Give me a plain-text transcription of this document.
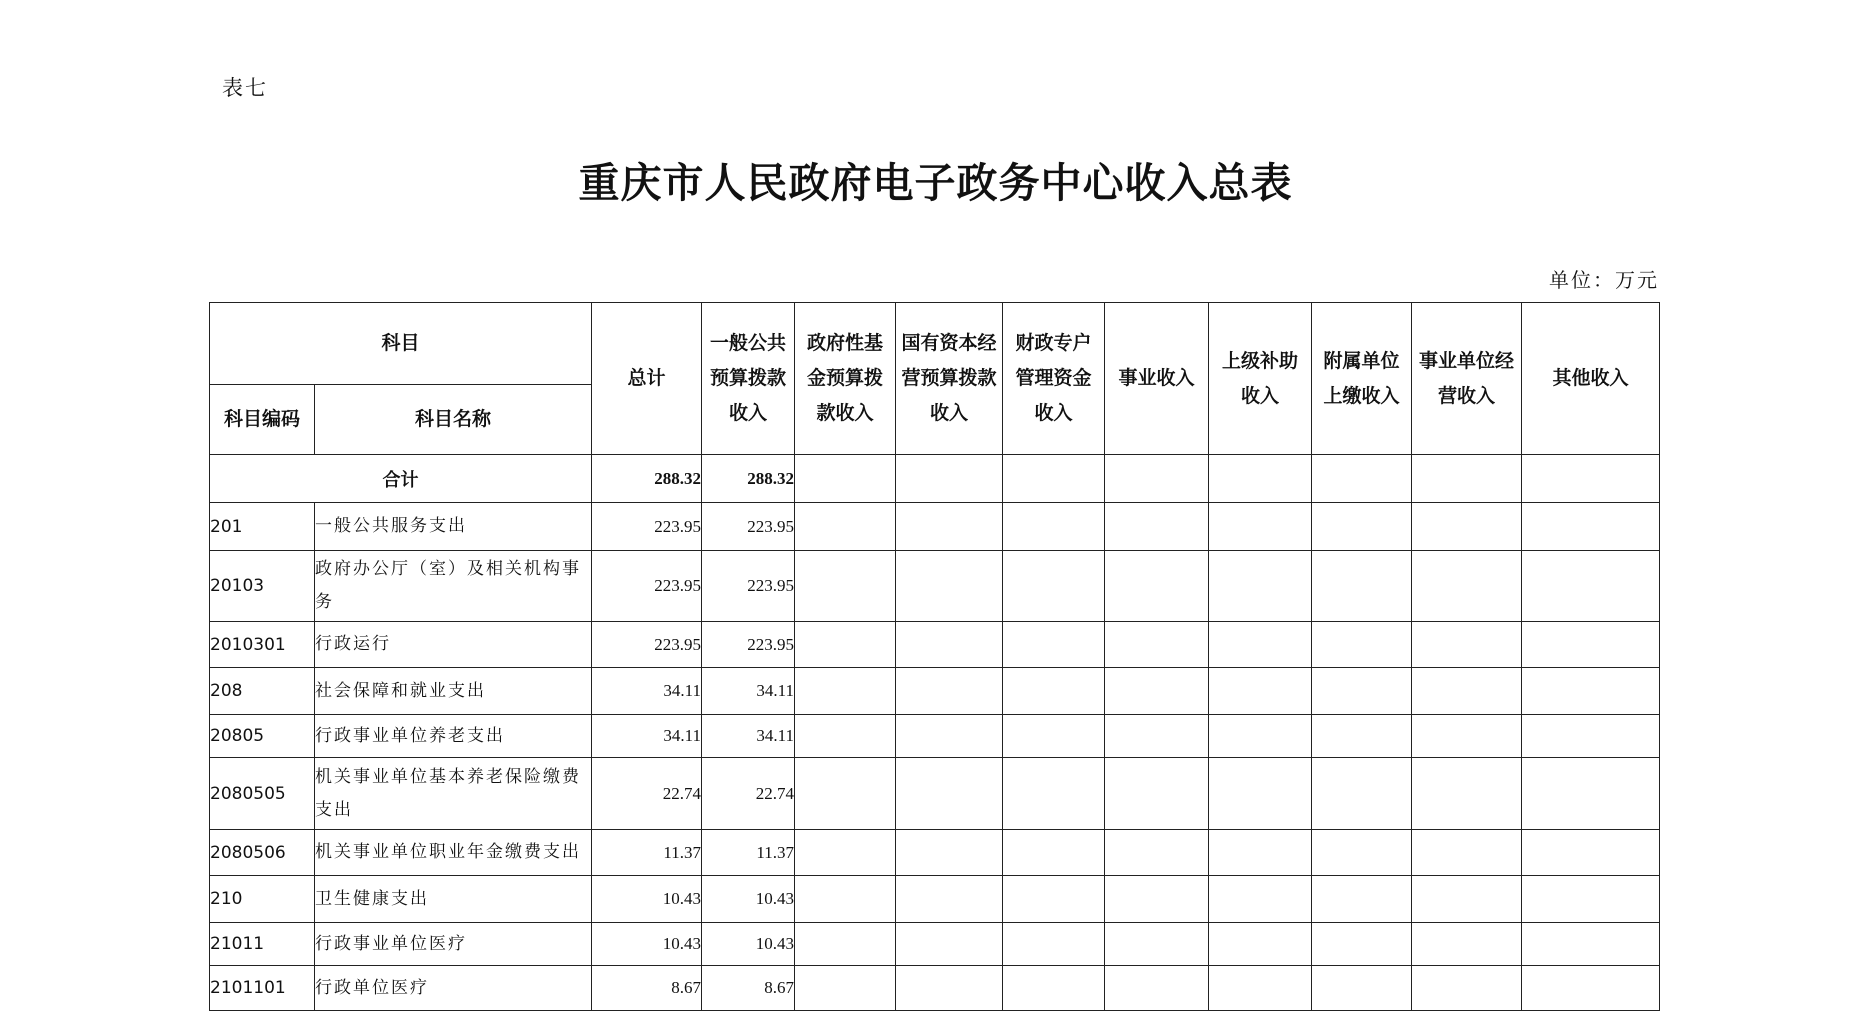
表七
重庆市人民政府电子政务中心收入总表
单位：万元
科目		总计	一般公共预算拨款收入	政府性基金预算拨款收入	国有资本经营预算拨款收入	财政专户管理资金收入	事业收入	上级补助收入	附属单位上缴收入	事业单位经营收入	其他收入
科目编码	科目名称										
合计		288.32	288.32								
201	一般公共服务支出	223.95	223.95								
20103	政府办公厅（室）及相关机构事务	223.95	223.95								
2010301	行政运行	223.95	223.95								
208	社会保障和就业支出	34.11	34.11								
20805	行政事业单位养老支出	34.11	34.11								
2080505	机关事业单位基本养老保险缴费支出	22.74	22.74								
2080506	机关事业单位职业年金缴费支出	11.37	11.37								
210	卫生健康支出	10.43	10.43								
21011	行政事业单位医疗	10.43	10.43								
2101101	行政单位医疗	8.67	8.67								
